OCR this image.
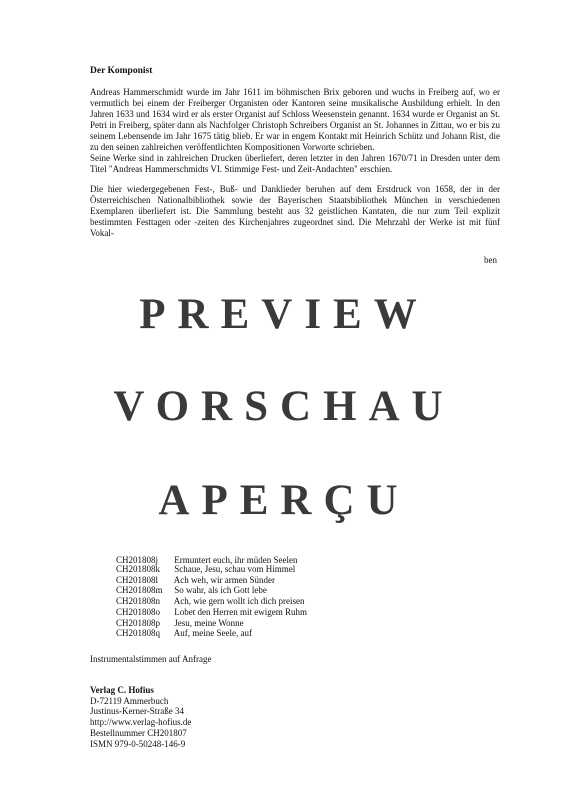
Der Komponist

Andreas Hammerschmidt wurde im Jahr 1611 im böhmischen Brix geboren und wuchs in Freiberg auf, wo er vermutlich bei einem der Freiberger Organisten oder Kantoren seine musikalische Ausbildung erhielt. In den Jahren 1633 und 1634 wird er als erster Organist auf Schloss Weesenstein genannt. 1634 wurde er Organist an St. Petri in Freiberg, später dann als Nachfolger Christoph Schreibers Organist an St. Johannes in Zittau, wo er bis zu seinem Lebensende im Jahr 1675 tätig blieb. Er war in engem Kontakt mit Heinrich Schütz und Johann Rist, die zu den seinen zahlreichen veröffentlichten Kompositionen Vorworte schrieben.

Seine Werke sind in zahlreichen Drucken überliefert, deren letzter in den Jahren 1670/71 in Dresden unter dem Titel "Andreas Hammerschmidts VI. Stimmige Fest- und Zeit-Andachten" erschien.

Die hier wiedergegebenen Fest-, Buß- und Danklieder beruhen auf dem Erstdruck von 1658, der in der Österreichischen Nationalbibliothek sowie der Bayerischen Staatsbibliothek München in verschiedenen Exemplaren überliefert ist. Die Sammlung besteht aus 32 geistlichen Kantaten, die nur zum Teil explizit bestimmten Festtagen oder -zeiten des Kirchenjahres zugeordnet sind. Die Mehrzahl der Werke ist mit fünf Vokal-

ben
PREVIEW
VORSCHAU
APERÇU
CH201808j Ermuntert euch, ihr müden Seelen
CH201808k Schaue, Jesu, schau vom Himmel
CH201808l Ach weh, wir armen Sünder
CH201808m So wahr, als ich Gott lebe
CH201808n Ach, wie gern wollt ich dich preisen
CH201808o Lobet den Herren mit ewigem Ruhm
CH201808p Jesu, meine Wonne
CH201808q Auf, meine Seele, auf
Instrumentalstimmen auf Anfrage
Verlag C. Hofius
D-72119 Ammerbuch
Justinus-Kerner-Straße 34
http://www.verlag-hofius.de
Bestellnummer CH201807
ISMN 979-0-50248-146-9
